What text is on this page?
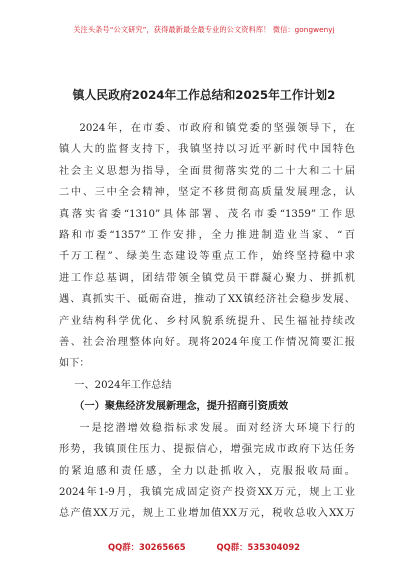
关注头条号“公文研究”，获得最新最全最专业的公文资料库！ 微信：gongwenyj
镇人民政府2024年工作总结和2025年工作计划2

2024年，在市委、市政府和镇党委的坚强领导下，在

镇人大的监督支持下，我镇坚持以习近平新时代中国特色

社会主义思想为指导，全面贯彻落实党的二十大和二十届

二中、三中全会精神，坚定不移贯彻高质量发展理念，认

真落实省委“1310”具体部署、茂名市委“1359”工作思

路和市委“1357”工作安排，全力推进制造业当家、“百

千万工程”、绿美生态建设等重点工作，始终坚持稳中求

进工作总基调，团结带领全镇党员干群凝心聚力、拼抓机

遇、真抓实干、砥砺奋进，推动了XX镇经济社会稳步发展、

产业结构科学优化、乡村风貌系统提升、民生福祉持续改

善、社会治理整体向好。现将2024年度工作情况简要汇报

如下：

一、2024年工作总结

（一）聚焦经济发展新理念，提升招商引资质效

一是挖潜增效稳指标求发展。面对经济大环境下行的

形势，我镇顶住压力、提振信心，增强完成市政府下达任务

的紧迫感和责任感，全力以赴抓收入，克服报收局面。

2024年1-9月，我镇完成固定资产投资XX万元，规上工业

总产值XX万元，规上工业增加值XX万元，税收总收入XX万

QQ群：30265665	QQ群：535304092
